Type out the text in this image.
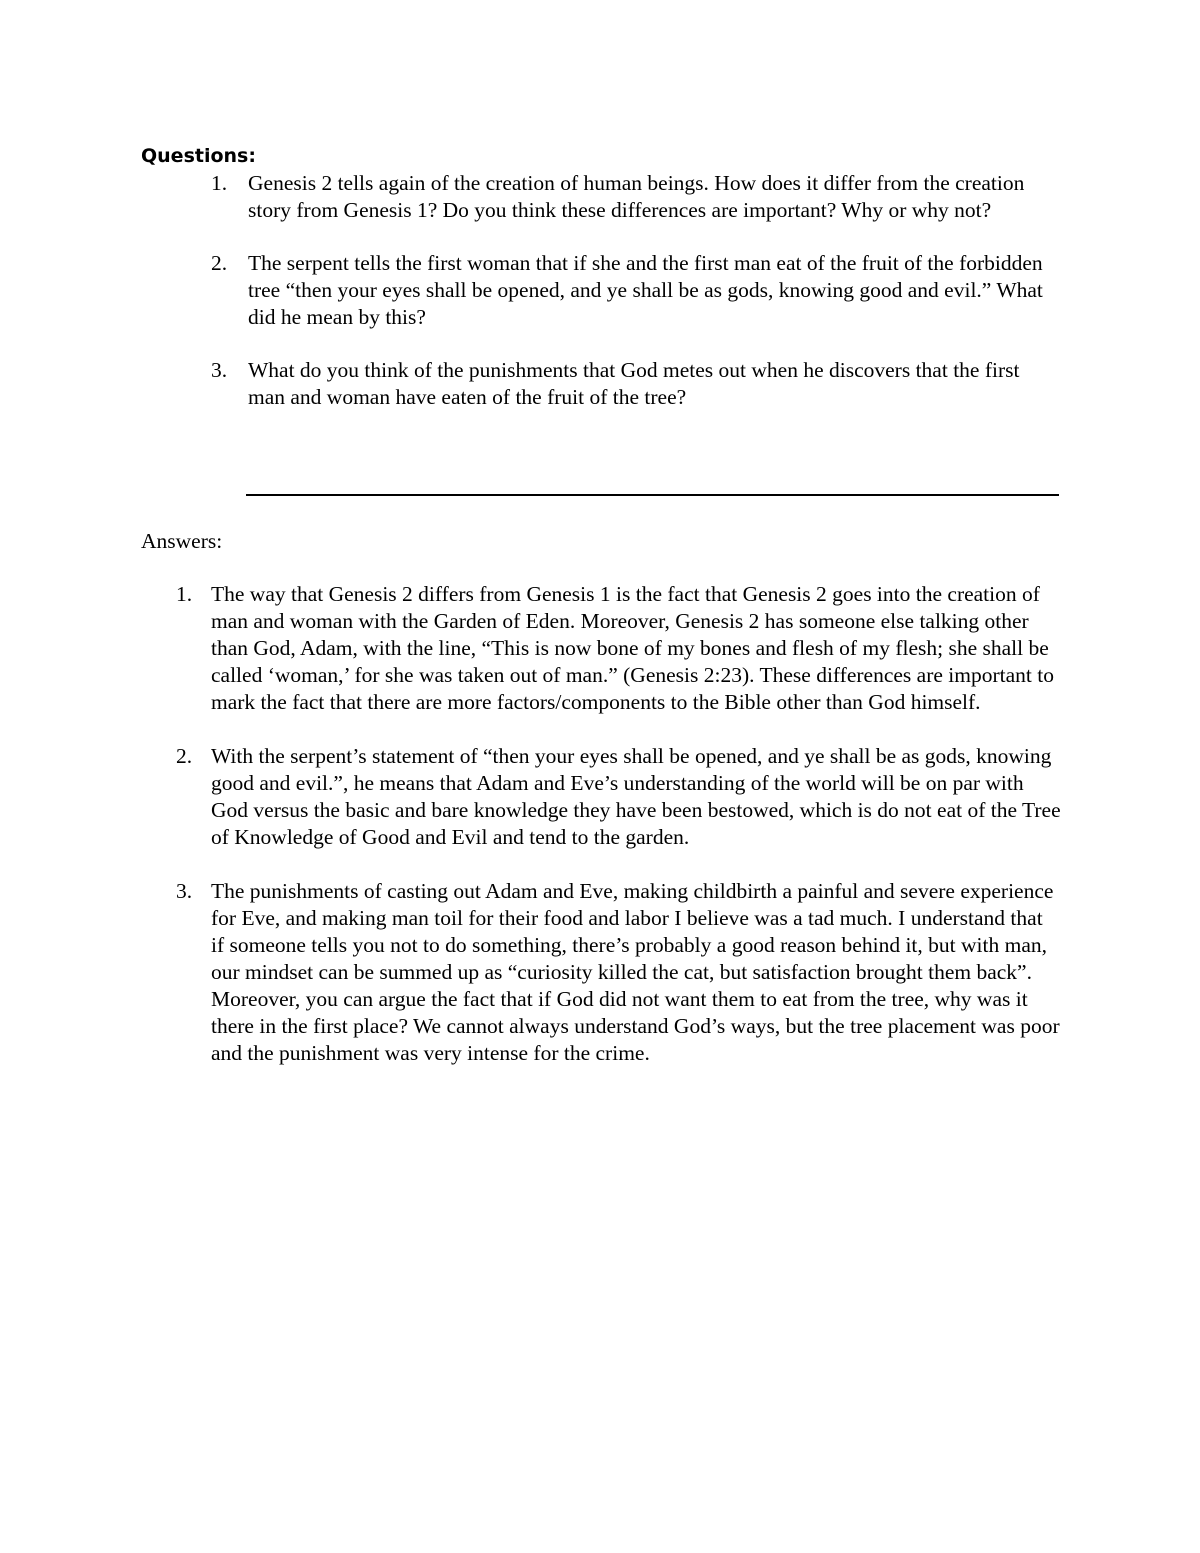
Questions:
1. Genesis 2 tells again of the creation of human beings. How does it differ from the creation story from Genesis 1? Do you think these differences are important? Why or why not?
2. The serpent tells the first woman that if she and the first man eat of the fruit of the forbidden tree “then your eyes shall be opened, and ye shall be as gods, knowing good and evil.” What did he mean by this?
3. What do you think of the punishments that God metes out when he discovers that the first man and woman have eaten of the fruit of the tree?
Answers:
1. The way that Genesis 2 differs from Genesis 1 is the fact that Genesis 2 goes into the creation of man and woman with the Garden of Eden. Moreover, Genesis 2 has someone else talking other than God, Adam, with the line, “This is now bone of my bones and flesh of my flesh; she shall be called ‘woman,’ for she was taken out of man.” (Genesis 2:23). These differences are important to mark the fact that there are more factors/components to the Bible other than God himself.
2. With the serpent’s statement of “then your eyes shall be opened, and ye shall be as gods, knowing good and evil.”, he means that Adam and Eve’s understanding of the world will be on par with God versus the basic and bare knowledge they have been bestowed, which is do not eat of the Tree of Knowledge of Good and Evil and tend to the garden.
3. The punishments of casting out Adam and Eve, making childbirth a painful and severe experience for Eve, and making man toil for their food and labor I believe was a tad much. I understand that if someone tells you not to do something, there’s probably a good reason behind it, but with man, our mindset can be summed up as “curiosity killed the cat, but satisfaction brought them back”. Moreover, you can argue the fact that if God did not want them to eat from the tree, why was it there in the first place? We cannot always understand God’s ways, but the tree placement was poor and the punishment was very intense for the crime.
